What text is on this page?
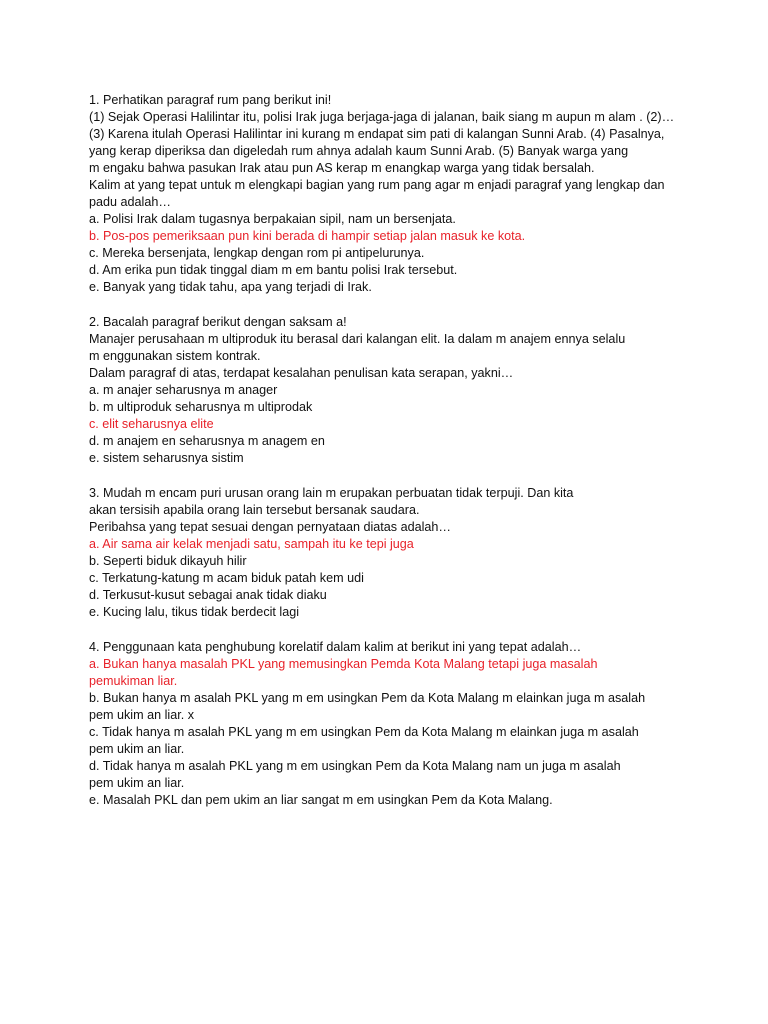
1. Perhatikan paragraf rum pang berikut ini!
(1) Sejak Operasi Halilintar itu, polisi Irak juga berjaga-jaga di jalanan, baik siang m aupun m alam . (2)…
(3) Karena itulah Operasi Halilintar ini kurang m endapat sim pati di kalangan Sunni Arab. (4) Pasalnya,
yang kerap diperiksa dan digeledah rum ahnya adalah kaum Sunni Arab. (5) Banyak warga yang
m engaku bahwa pasukan Irak atau pun AS kerap m enangkap warga yang tidak bersalah.
Kalim at yang tepat untuk m elengkapi bagian yang rum pang agar m enjadi paragraf yang lengkap dan
padu adalah…
a. Polisi Irak dalam tugasnya berpakaian sipil, nam un bersenjata.
b. Pos-pos pemeriksaan pun kini berada di hampir setiap jalan masuk ke kota.
c. Mereka bersenjata, lengkap dengan rom pi antipelurunya.
d. Am erika pun tidak tinggal diam m em bantu polisi Irak tersebut.
e. Banyak yang tidak tahu, apa yang terjadi di Irak.
2. Bacalah paragraf berikut dengan saksam a!
Manajer perusahaan m ultiproduk itu berasal dari kalangan elit. Ia dalam m anajem ennya selalu
m enggunakan sistem kontrak.
Dalam paragraf di atas, terdapat kesalahan penulisan kata serapan, yakni…
a. m anajer seharusnya m anager
b. m ultiproduk seharusnya m ultiprodak
c. elit seharusnya elite
d. m anajem en seharusnya m anagem en
e. sistem seharusnya sistim
3. Mudah m encam puri urusan orang lain m erupakan perbuatan tidak terpuji. Dan kita
akan tersisih apabila orang lain tersebut bersanak saudara.
Peribahsa yang tepat sesuai dengan pernyataan diatas adalah…
a. Air sama air kelak menjadi satu, sampah itu ke tepi juga
b. Seperti biduk dikayuh hilir
c. Terkatung-katung m acam biduk patah kem udi
d. Terkusut-kusut sebagai anak tidak diaku
e. Kucing lalu, tikus tidak berdecit lagi
4. Penggunaan kata penghubung korelatif dalam kalim at berikut ini yang tepat adalah…
a. Bukan hanya masalah PKL yang memusingkan Pemda Kota Malang tetapi juga masalah
pemukiman liar.
b. Bukan hanya m asalah PKL yang m em usingkan Pem da Kota Malang m elainkan juga m asalah
pem ukim an liar. x
c. Tidak hanya m asalah PKL yang m em usingkan Pem da Kota Malang m elainkan juga m asalah
pem ukim an liar.
d. Tidak hanya m asalah PKL yang m em usingkan Pem da Kota Malang nam un juga m asalah
pem ukim an liar.
e. Masalah PKL dan pem ukim an liar sangat m em usingkan Pem da Kota Malang.
